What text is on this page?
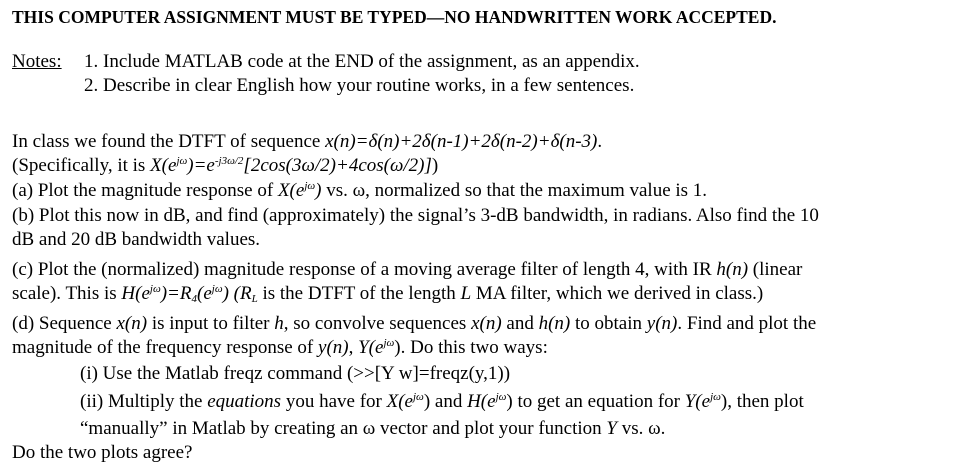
THIS COMPUTER ASSIGNMENT MUST BE TYPED—NO HANDWRITTEN WORK ACCEPTED.
Notes: 1. Include MATLAB code at the END of the assignment, as an appendix.
2. Describe in clear English how your routine works, in a few sentences.
In class we found the DTFT of sequence x(n)=δ(n)+2δ(n-1)+2δ(n-2)+δ(n-3).
(Specifically, it is $X(e^{j\omega})=e^{-j3\omega/2}[2\cos(3\omega/2)+4\cos(\omega/2)]$)
(a) Plot the magnitude response of $X(e^{j\omega})$ vs. ω, normalized so that the maximum value is 1.
(b) Plot this now in dB, and find (approximately) the signal’s 3-dB bandwidth, in radians. Also find the 10
dB and 20 dB bandwidth values.
(c) Plot the (normalized) magnitude response of a moving average filter of length 4, with IR h(n) (linear
scale). This is $H(e^{j\omega})=R_4(e^{j\omega})$ ($R_L$ is the DTFT of the length L MA filter, which we derived in class.)
(d) Sequence x(n) is input to filter h, so convolve sequences x(n) and h(n) to obtain y(n). Find and plot the
magnitude of the frequency response of y(n), $Y(e^{j\omega})$. Do this two ways:
(i) Use the Matlab freqz command (>>[Y w]=freqz(y,1))
(ii) Multiply the equations you have for $X(e^{j\omega})$ and $H(e^{j\omega})$ to get an equation for $Y(e^{j\omega})$, then plot
“manually” in Matlab by creating an ω vector and plot your function Y vs. ω.
Do the two plots agree?
